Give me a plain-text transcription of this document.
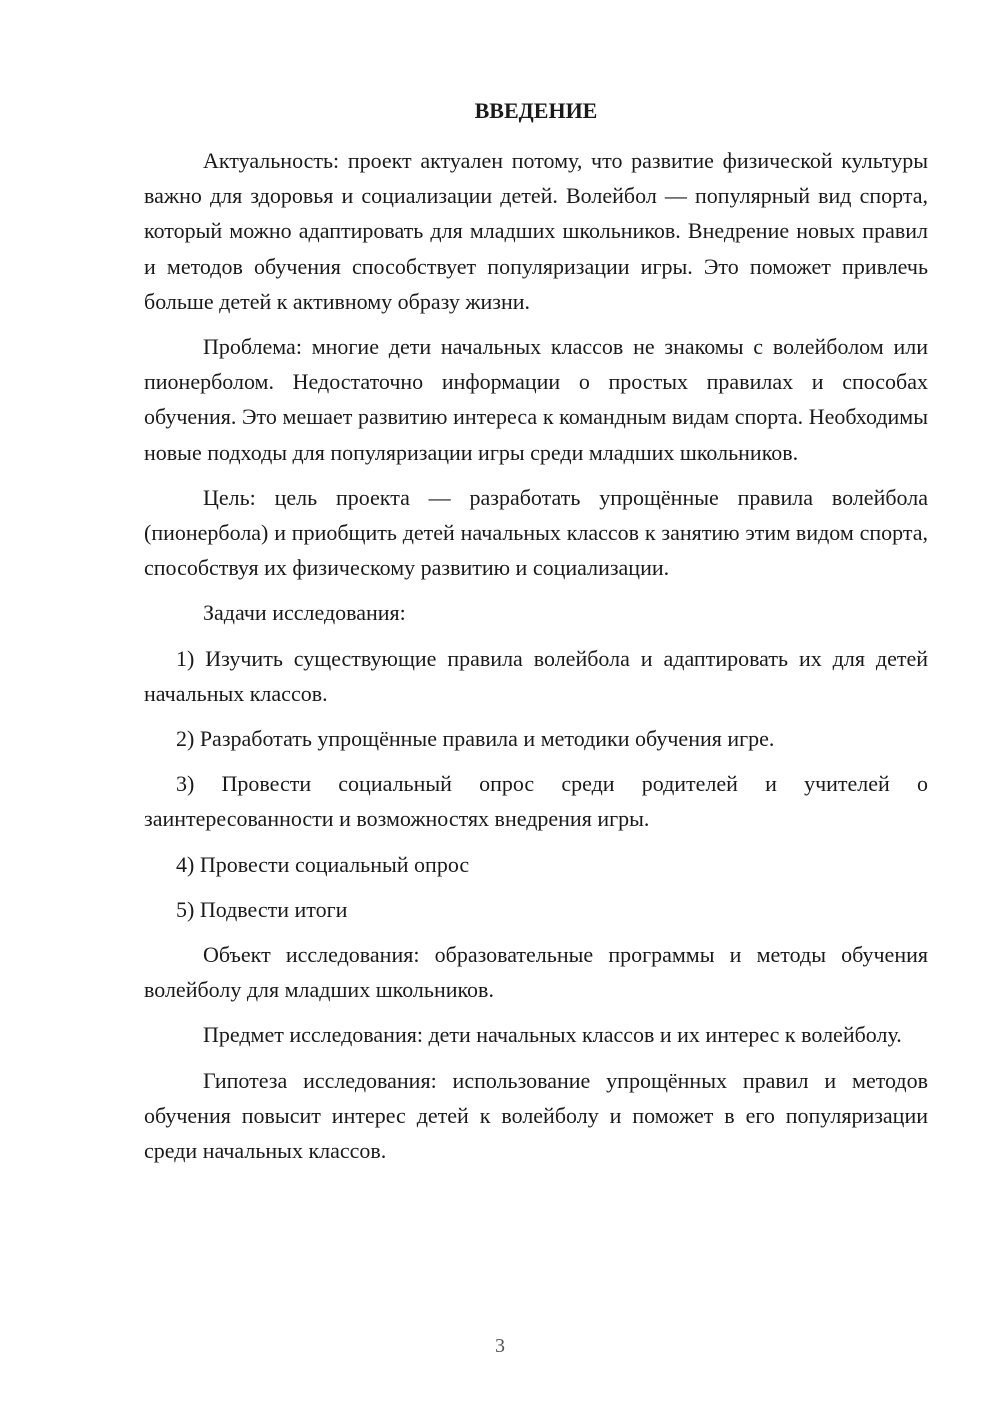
ВВЕДЕНИЕ

Актуальность: проект актуален потому, что развитие физической культуры важно для здоровья и социализации детей. Волейбол — популярный вид спорта, который можно адаптировать для младших школьников. Внедрение новых правил и методов обучения способствует популяризации игры. Это поможет привлечь больше детей к активному образу жизни.

Проблема: многие дети начальных классов не знакомы с волейболом или пионерболом. Недостаточно информации о простых правилах и способах обучения. Это мешает развитию интереса к командным видам спорта. Необходимы новые подходы для популяризации игры среди младших школьников.

Цель: цель проекта — разработать упрощённые правила волейбола (пионербола) и приобщить детей начальных классов к занятию этим видом спорта, способствуя их физическому развитию и социализации.

Задачи исследования:

1) Изучить существующие правила волейбола и адаптировать их для детей начальных классов.

2) Разработать упрощённые правила и методики обучения игре.

3) Провести социальный опрос среди родителей и учителей о заинтересованности и возможностях внедрения игры.

4) Провести социальный опрос

5) Подвести итоги

Объект исследования: образовательные программы и методы обучения волейболу для младших школьников.

Предмет исследования: дети начальных классов и их интерес к волейболу.

Гипотеза исследования: использование упрощённых правил и методов обучения повысит интерес детей к волейболу и поможет в его популяризации среди начальных классов.

3
